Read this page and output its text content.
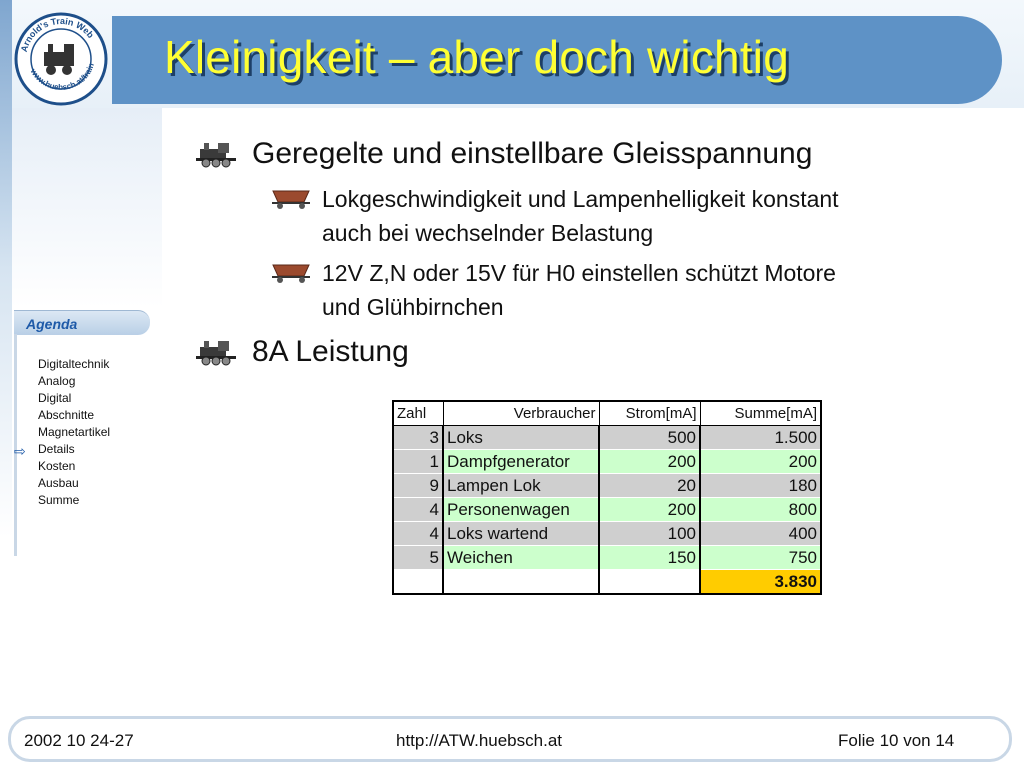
Arnold's Train Web
www.huebsch.at/train Kleinigkeit – aber doch wichtig
Agenda
⇨
Digitaltechnik
Analog
Digital
Abschnitte
Magnetartikel
Details
Kosten
Ausbau
Summe
Geregelte und einstellbare Gleisspannung
Lokgeschwindigkeit und Lampenhelligkeit konstant
auch bei wechselnder Belastung
12V Z,N oder 15V für H0 einstellen schützt Motore
und Glühbirnchen
8A Leistung
Zahl	Verbraucher	Strom[mA]	Summe[mA]
3	Loks	500	1.500
1	Dampfgenerator	200	200
9	Lampen Lok	20	180
4	Personenwagen	200	800
4	Loks wartend	100	400
5	Weichen	150	750
			3.830
2002 10 24-27	http://ATW.huebsch.at	Folie 10 von 14
